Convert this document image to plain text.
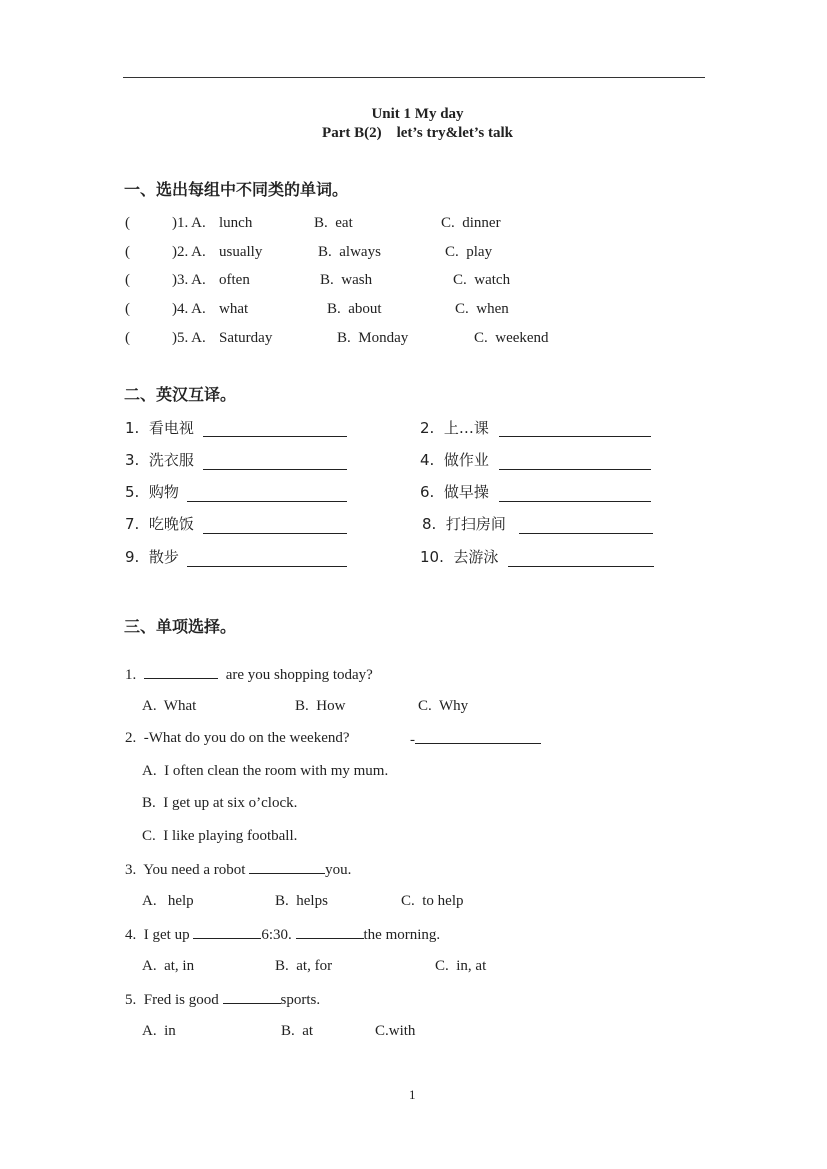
Unit 1 My day
Part B(2)    let’s try&let’s talk
一、选出每组中不同类的单词。
(	)1. A. lunch	B.  eat	C.  dinner
(	)2. A. usually	B.  always	C.  play
(	)3. A. often	B.  wash	C.  watch
(	)4. A. what	B.  about	C.  when
(	)5. A. Saturday	B.  Monday	C.  weekend
二、英汉互译。
1.  看电视	2.  上…课
3.  洗衣服	4.  做作业
5.  购物	6.  做早操
7.  吃晚饭	8.  打扫房间
9.  散步	10.  去游泳
三、单项选择。
1.	are you shopping today?
A.  What	B.  How	C.  Why
2.  -What do you do on the weekend?	-
A.  I often clean the room with my mum.
B.  I get up at six o’clock.
C.  I like playing football.
3.  You need a robot	you.
A.   help	B.  helps	C.  to help
4.  I get up	6:30.	the morning.
A.  at, in	B.  at, for	C.  in, at
5.  Fred is good	sports.
A.  in	B.  at	C.with
1
